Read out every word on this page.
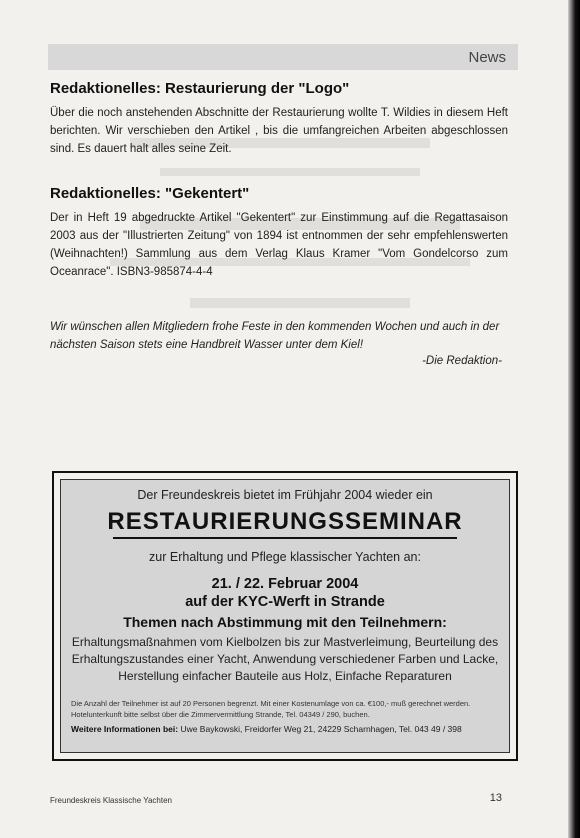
News
Redaktionelles: Restaurierung der "Logo"
Über die noch anstehenden Abschnitte der Restaurierung wollte T. Wildies in diesem Heft berichten. Wir verschieben den Artikel , bis die umfangreichen Arbeiten abgeschlossen sind. Es dauert halt alles seine Zeit.
Redaktionelles: "Gekentert"
Der in Heft 19 abgedruckte Artikel "Gekentert" zur Einstimmung auf die Regattasaison 2003 aus der "Illustrierten Zeitung" von 1894 ist entnommen der sehr empfehlenswerten (Weihnachten!) Sammlung aus dem Verlag Klaus Kramer "Vom Gondelcorso zum Oceanrace". ISBN3-985874-4-4
Wir wünschen allen Mitgliedern frohe Feste in den kommenden Wochen und auch in der nächsten Saison stets eine Handbreit Wasser unter dem Kiel!
-Die Redaktion-
Der Freundeskreis bietet im Frühjahr 2004 wieder ein
RESTAURIERUNGSSEMINAR
zur Erhaltung und Pflege klassischer Yachten an:
21. / 22. Februar 2004
auf der KYC-Werft in Strande
Themen nach Abstimmung mit den Teilnehmern:
Erhaltungsmaßnahmen vom Kielbolzen bis zur Mastverleimung, Beurteilung des Erhaltungszustandes einer Yacht, Anwendung verschiedener Farben und Lacke, Herstellung einfacher Bauteile aus Holz, Einfache Reparaturen
Die Anzahl der Teilnehmer ist auf 20 Personen begrenzt. Mit einer Kostenumlage von ca. €100,- muß gerechnet werden. Hotelunterkunft bitte selbst über die Zimmervermittlung Strande, Tel. 04349 / 290, buchen.
Weitere Informationen bei: Uwe Baykowski, Freidorfer Weg 21, 24229 Scharnhagen, Tel. 043 49 / 398
Freundeskreis Klassische Yachten	13
